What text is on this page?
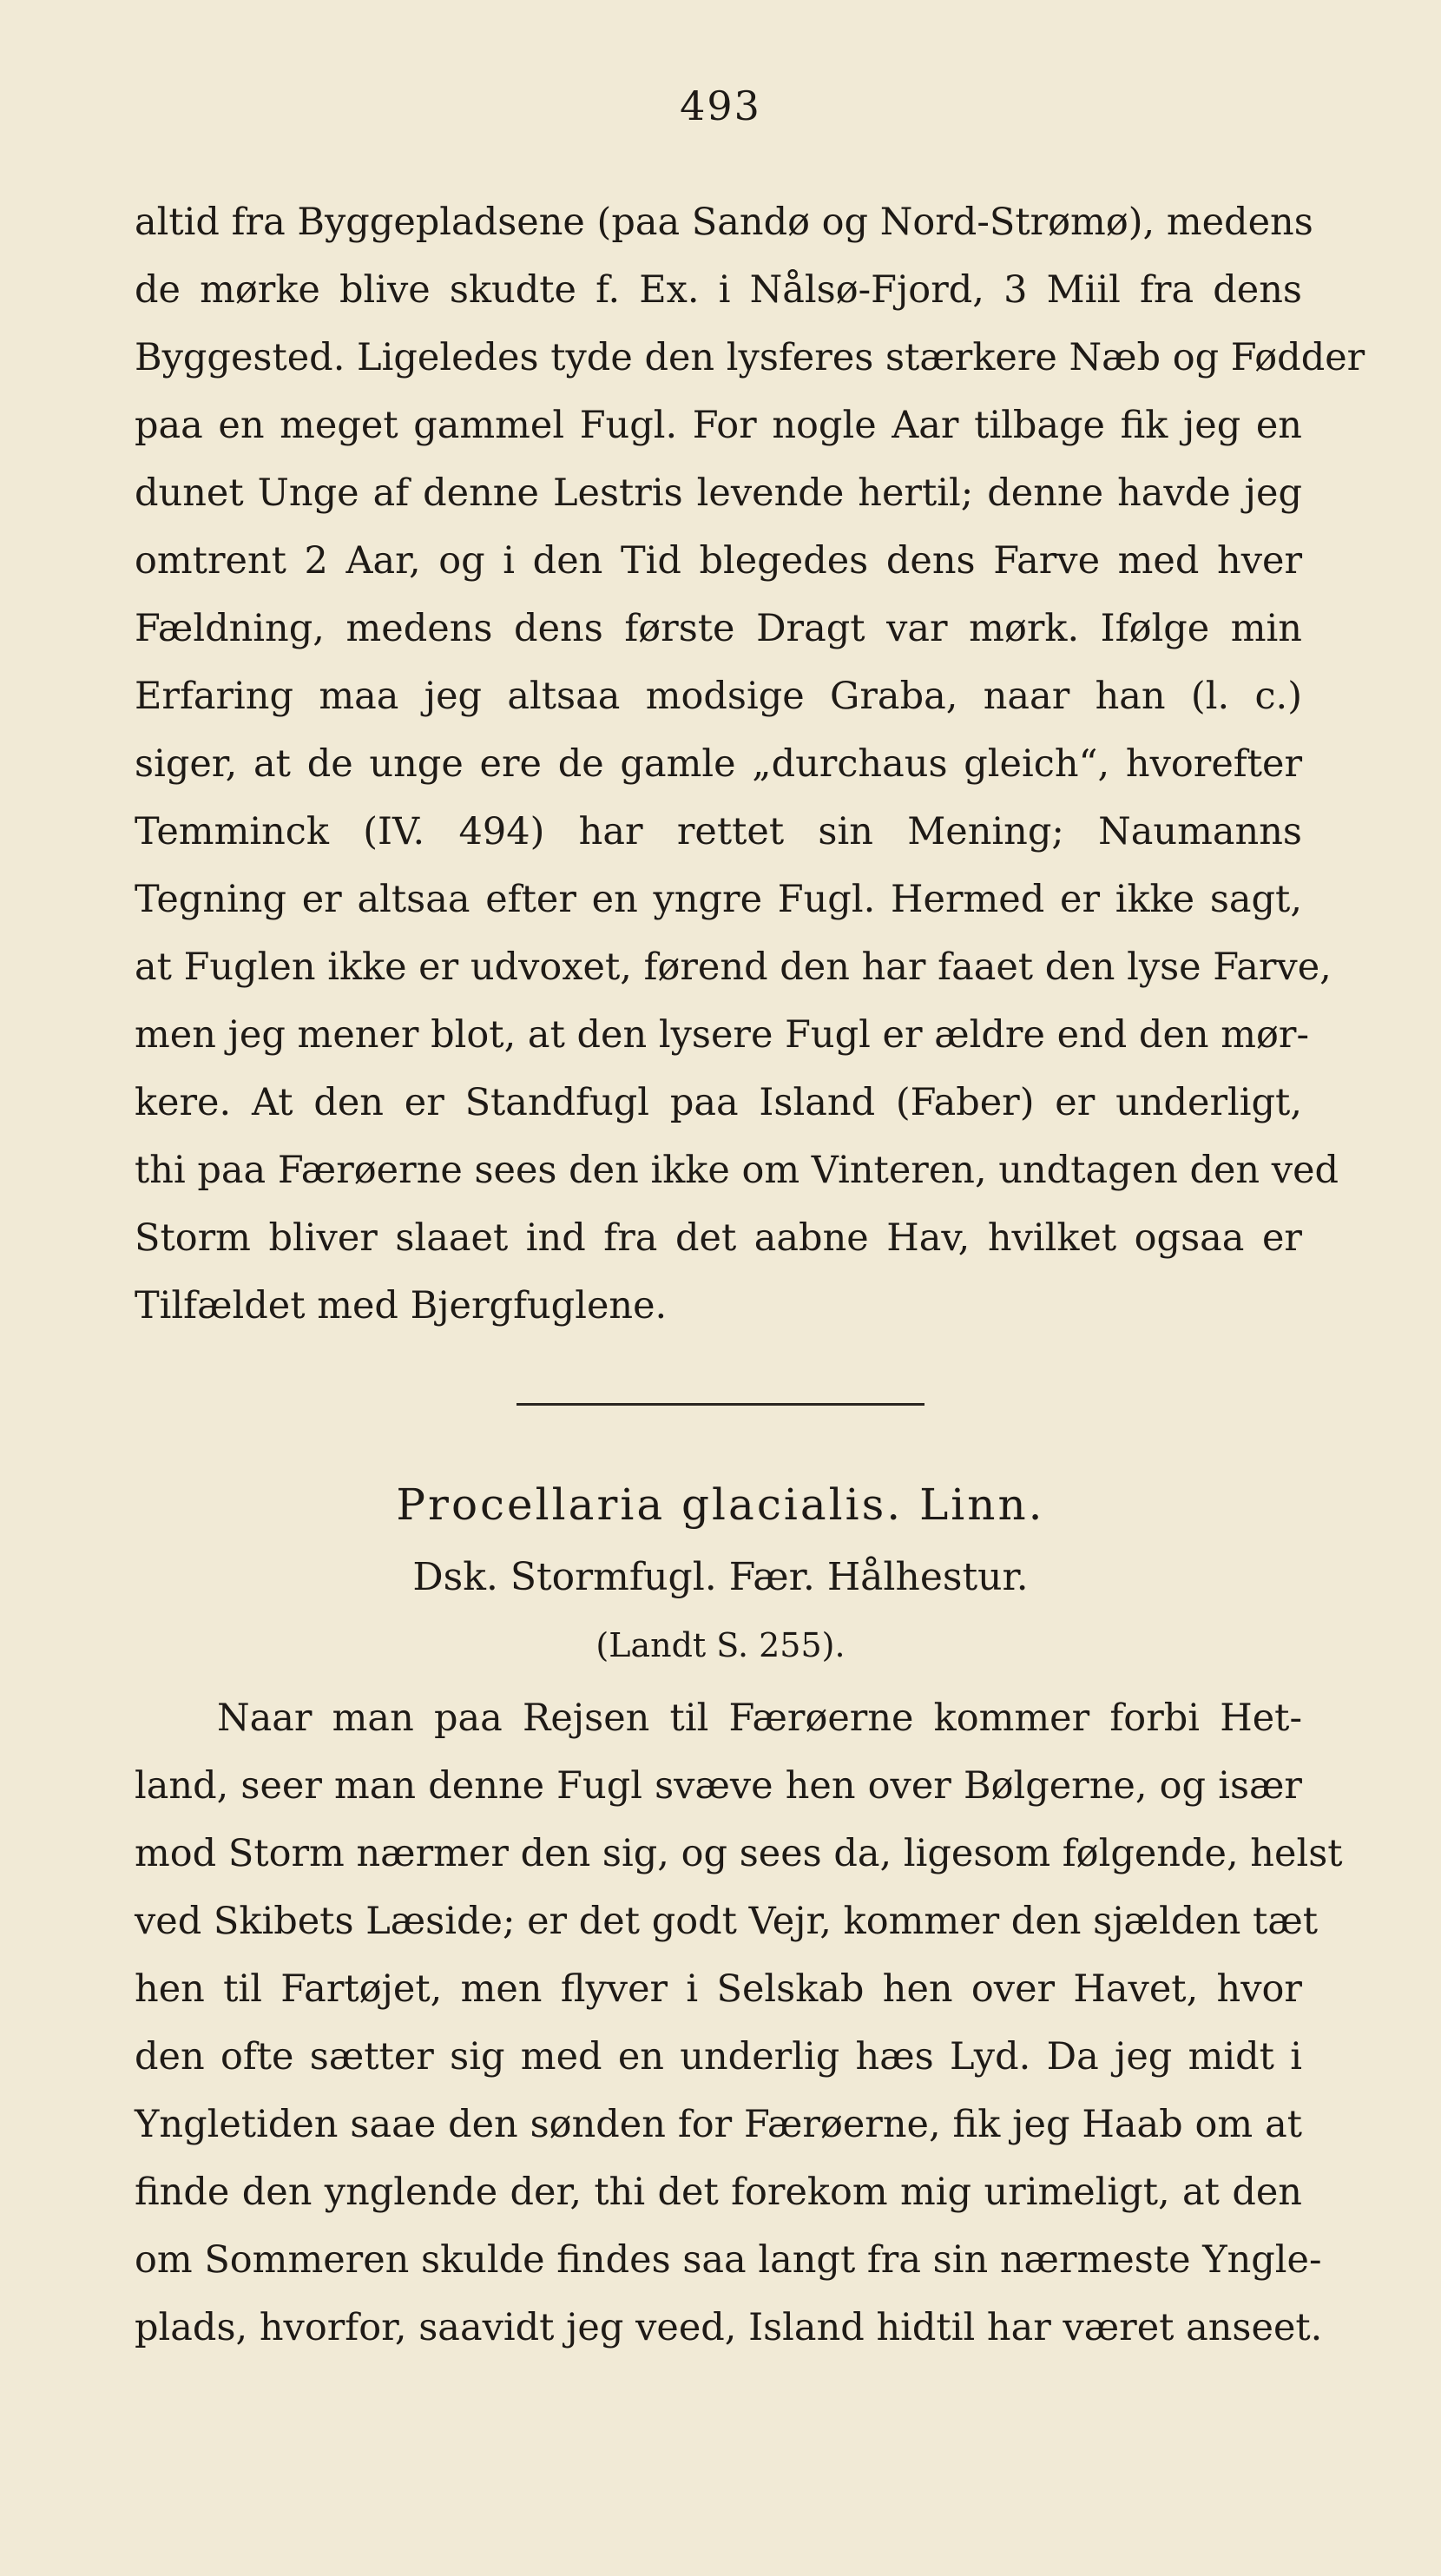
493
altid fra Byggepladsene (paa Sandø og Nord-Strømø), medens
de mørke blive skudte f. Ex. i Nålsø-Fjord, 3 Miil fra dens
Byggested. Ligeledes tyde den lysferes stærkere Næb og Fødder
paa en meget gammel Fugl. For nogle Aar tilbage fik jeg en
dunet Unge af denne Lestris levende hertil; denne havde jeg
omtrent 2 Aar, og i den Tid blegedes dens Farve med hver
Fældning, medens dens første Dragt var mørk. Ifølge min
Erfaring maa jeg altsaa modsige Graba, naar han (l. c.)
siger, at de unge ere de gamle „durchaus gleich“, hvorefter
Temminck (IV. 494) har rettet sin Mening; Naumanns
Tegning er altsaa efter en yngre Fugl. Hermed er ikke sagt,
at Fuglen ikke er udvoxet, førend den har faaet den lyse Farve,
men jeg mener blot, at den lysere Fugl er ældre end den mør-
kere. At den er Standfugl paa Island (Faber) er underligt,
thi paa Færøerne sees den ikke om Vinteren, undtagen den ved
Storm bliver slaaet ind fra det aabne Hav, hvilket ogsaa er
Tilfældet med Bjergfuglene.
Procellaria glacialis. Linn.
Dsk. Stormfugl. Fær. Hålhestur.
(Landt S. 255).
Naar man paa Rejsen til Færøerne kommer forbi Het-
land, seer man denne Fugl svæve hen over Bølgerne, og især
mod Storm nærmer den sig, og sees da, ligesom følgende, helst
ved Skibets Læside; er det godt Vejr, kommer den sjælden tæt
hen til Fartøjet, men flyver i Selskab hen over Havet, hvor
den ofte sætter sig med en underlig hæs Lyd. Da jeg midt i
Yngletiden saae den sønden for Færøerne, fik jeg Haab om at
finde den ynglende der, thi det forekom mig urimeligt, at den
om Sommeren skulde findes saa langt fra sin nærmeste Yngle-
plads, hvorfor, saavidt jeg veed, Island hidtil har været anseet.
